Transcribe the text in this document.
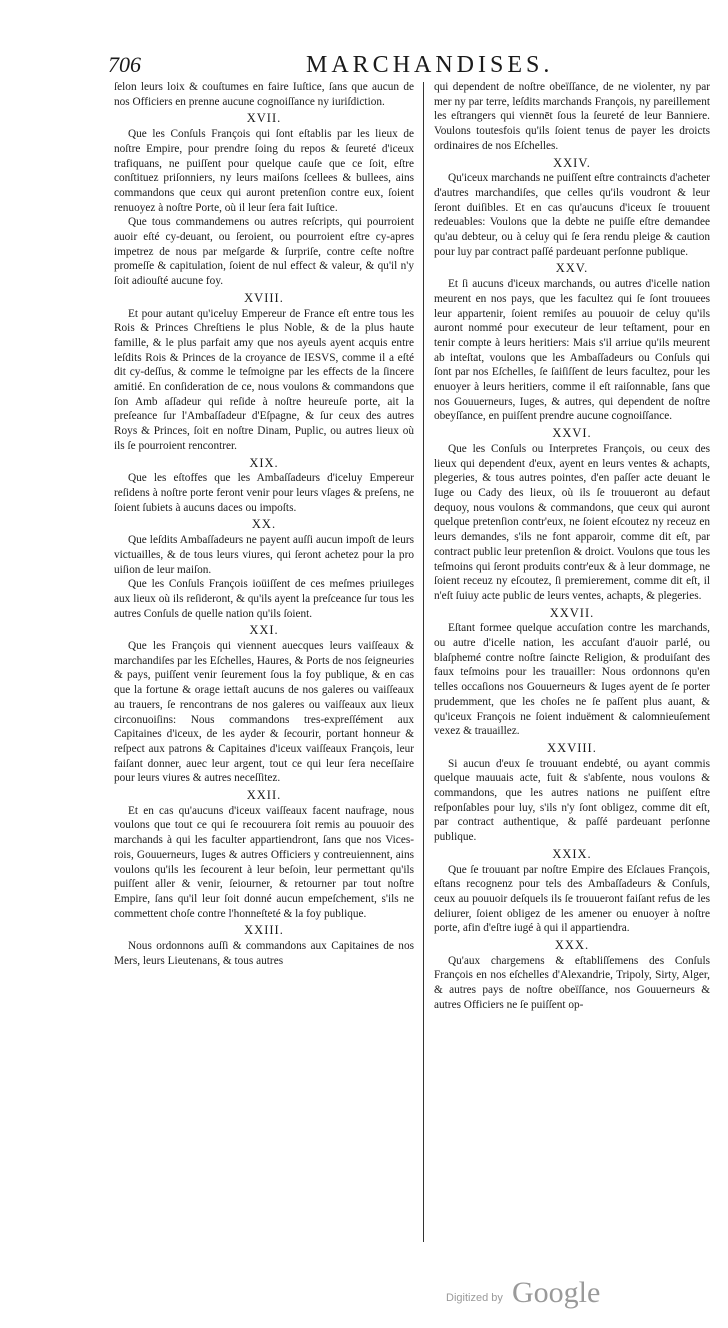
706	MARCHANDISES.

ſelon leurs loix & couſtumes en faire Iuſtice, ſans que aucun de nos Officiers en prenne aucune cognoiſſance ny iuriſdiction.

XVII.

Que les Conſuls François qui ſont eſtablis par les lieux de noſtre Empire, pour prendre ſoing du repos & ſeureté d'iceux trafiquans, ne puiſſent pour quelque cauſe que ce ſoit, eſtre conſtituez priſonniers, ny leurs maiſons ſcellees & bullees, ains commandons que ceux qui auront pretenſion contre eux, ſoient renuoyez à noſtre Porte, où il leur ſera fait Iuſtice.

Que tous commandemens ou autres reſcripts, qui pourroient auoir eſté cy-deuant, ou ſeroient, ou pourroient eſtre cy-apres impetrez de nous par meſgarde & ſurpriſe, contre ceſte noſtre promeſſe & capitulation, ſoient de nul effect & valeur, & qu'il n'y ſoit adiouſté aucune foy.

XVIII.

Et pour autant qu'iceluy Empereur de France eſt entre tous les Rois & Princes Chreſtiens le plus Noble, & de la plus haute famille, & le plus parfait amy que nos ayeuls ayent acquis entre leſdits Rois & Princes de la croyance de IESVS, comme il a eſté dit cy-deſſus, & comme le teſmoigne par les effects de la ſincere amitié. En conſideration de ce, nous voulons & commandons que ſon Amb aſſadeur qui reſide à noſtre heureuſe porte, ait la preſeance ſur l'Ambaſſadeur d'Eſpagne, & ſur ceux des autres Roys & Princes, ſoit en noſtre Dinam, Puplic, ou autres lieux où ils ſe pourroient rencontrer.

XIX.

Que les eſtoffes que les Ambaſſadeurs d'iceluy Empereur reſidens à noſtre porte feront venir pour leurs vſages & preſens, ne ſoient ſubiets à aucuns daces ou impoſts.

XX.

Que leſdits Ambaſſadeurs ne payent auſſi aucun impoſt de leurs victuailles, & de tous leurs viures, qui ſeront achetez pour la pro uiſion de leur maiſon.

Que les Conſuls François ioüiſſent de ces meſmes priuileges aux lieux où ils reſideront, & qu'ils ayent la preſceance ſur tous les autres Conſuls de quelle nation qu'ils ſoient.

XXI.

Que les François qui viennent auecques leurs vaiſſeaux & marchandiſes par les Eſchelles, Haures, & Ports de nos ſeigneuries & pays, puiſſent venir ſeurement ſous la foy publique, & en cas que la fortune & orage iettaſt aucuns de nos galeres ou vaiſſeaux au trauers, ſe rencontrans de nos galeres ou vaiſſeaux aux lieux circonuoiſins: Nous commandons tres-expreſſément aux Capitaines d'iceux, de les ayder & ſecourir, portant honneur & reſpect aux patrons & Capitaines d'iceux vaiſſeaux François, leur faiſant donner, auec leur argent, tout ce qui leur ſera neceſſaire pour leurs viures & autres neceſſitez.

XXII.

Et en cas qu'aucuns d'iceux vaiſſeaux facent naufrage, nous voulons que tout ce qui ſe recouurera ſoit remis au pouuoir des marchands à qui les faculter appartiendront, ſans que nos Vices-rois, Gouuerneurs, Iuges & autres Officiers y contreuiennent, ains voulons qu'ils les ſecourent à leur beſoin, leur permettant qu'ils puiſſent aller & venir, ſeiourner, & retourner par tout noſtre Empire, ſans qu'il leur ſoit donné aucun empeſchement, s'ils ne commettent choſe contre l'honneſteté & la foy publique.

XXIII.

Nous ordonnons auſſi & commandons aux Capitaines de nos Mers, leurs Lieutenans, & tous autres

qui dependent de noſtre obeïſſance, de ne violenter, ny par mer ny par terre, leſdits marchands François, ny pareillement les eſtrangers qui viennēt ſous la ſeureté de leur Banniere. Voulons toutesfois qu'ils ſoient tenus de payer les droicts ordinaires de nos Eſchelles.

XXIV.

Qu'iceux marchands ne puiſſent eſtre contraincts d'acheter d'autres marchandiſes, que celles qu'ils voudront & leur ſeront duiſibles. Et en cas qu'aucuns d'iceux ſe trouuent redeuables: Voulons que la debte ne puiſſe eſtre demandee qu'au debteur, ou à celuy qui ſe ſera rendu pleige & caution pour luy par contract paſſé pardeuant perſonne publique.

XXV.

Et ſi aucuns d'iceux marchands, ou autres d'icelle nation meurent en nos pays, que les facultez qui ſe ſont trouuees leur appartenir, ſoient remiſes au pouuoir de celuy qu'ils auront nommé pour executeur de leur teſtament, pour en tenir compte à leurs heritiers: Mais s'il arriue qu'ils meurent ab inteſtat, voulons que les Ambaſſadeurs ou Conſuls qui ſont par nos Eſchelles, ſe ſaiſiſſent de leurs facultez, pour les enuoyer à leurs heritiers, comme il eſt raiſonnable, ſans que nos Gouuerneurs, Iuges, & autres, qui dependent de noſtre obeyſſance, en puiſſent prendre aucune cognoiſſance.

XXVI.

Que les Conſuls ou Interpretes François, ou ceux des lieux qui dependent d'eux, ayent en leurs ventes & achapts, plegeries, & tous autres pointes, d'en paſſer acte deuant le Iuge ou Cady des lieux, où ils ſe trouueront au defaut dequoy, nous voulons & commandons, que ceux qui auront quelque pretenſion contr'eux, ne ſoient eſcoutez ny receuz en leurs demandes, s'ils ne font apparoir, comme dit eſt, par contract public leur pretenſion & droict. Voulons que tous les teſmoins qui ſeront produits contr'eux & à leur dommage, ne ſoient receuz ny eſcoutez, ſi premierement, comme dit eſt, il n'eſt ſuiuy acte public de leurs ventes, achapts, & plegeries.

XXVII.

Eſtant formee quelque accuſation contre les marchands, ou autre d'icelle nation, les accuſant d'auoir parlé, ou blaſphemé contre noſtre ſaincte Religion, & produiſant des faux teſmoins pour les trauailler: Nous ordonnons qu'en telles occaſions nos Gouuerneurs & Iuges ayent de ſe porter prudemment, que les choſes ne ſe paſſent plus auant, & qu'iceux François ne ſoient induëment & calomnieuſement vexez & trauaillez.

XXVIII.

Si aucun d'eux ſe trouuant endebté, ou ayant commis quelque mauuais acte, fuit & s'abſente, nous voulons & commandons, que les autres nations ne puiſſent eſtre reſponſables pour luy, s'ils n'y ſont obligez, comme dit eſt, par contract authentique, & paſſé pardeuant perſonne publique.

XXIX.

Que ſe trouuant par noſtre Empire des Eſclaues François, eſtans recognenz pour tels des Ambaſſadeurs & Conſuls, ceux au pouuoir deſquels ils ſe trouueront faiſant refus de les deliurer, ſoient obligez de les amener ou enuoyer à noſtre porte, afin d'eſtre iugé à qui il appartiendra.

XXX.

Qu'aux chargemens & eſtabliſſemens des Conſuls François en nos eſchelles d'Alexandrie, Tripoly, Sirty, Alger, & autres pays de noſtre obeïſſance, nos Gouuerneurs & autres Officiers ne ſe puiſſent op-

Digitized by Google
